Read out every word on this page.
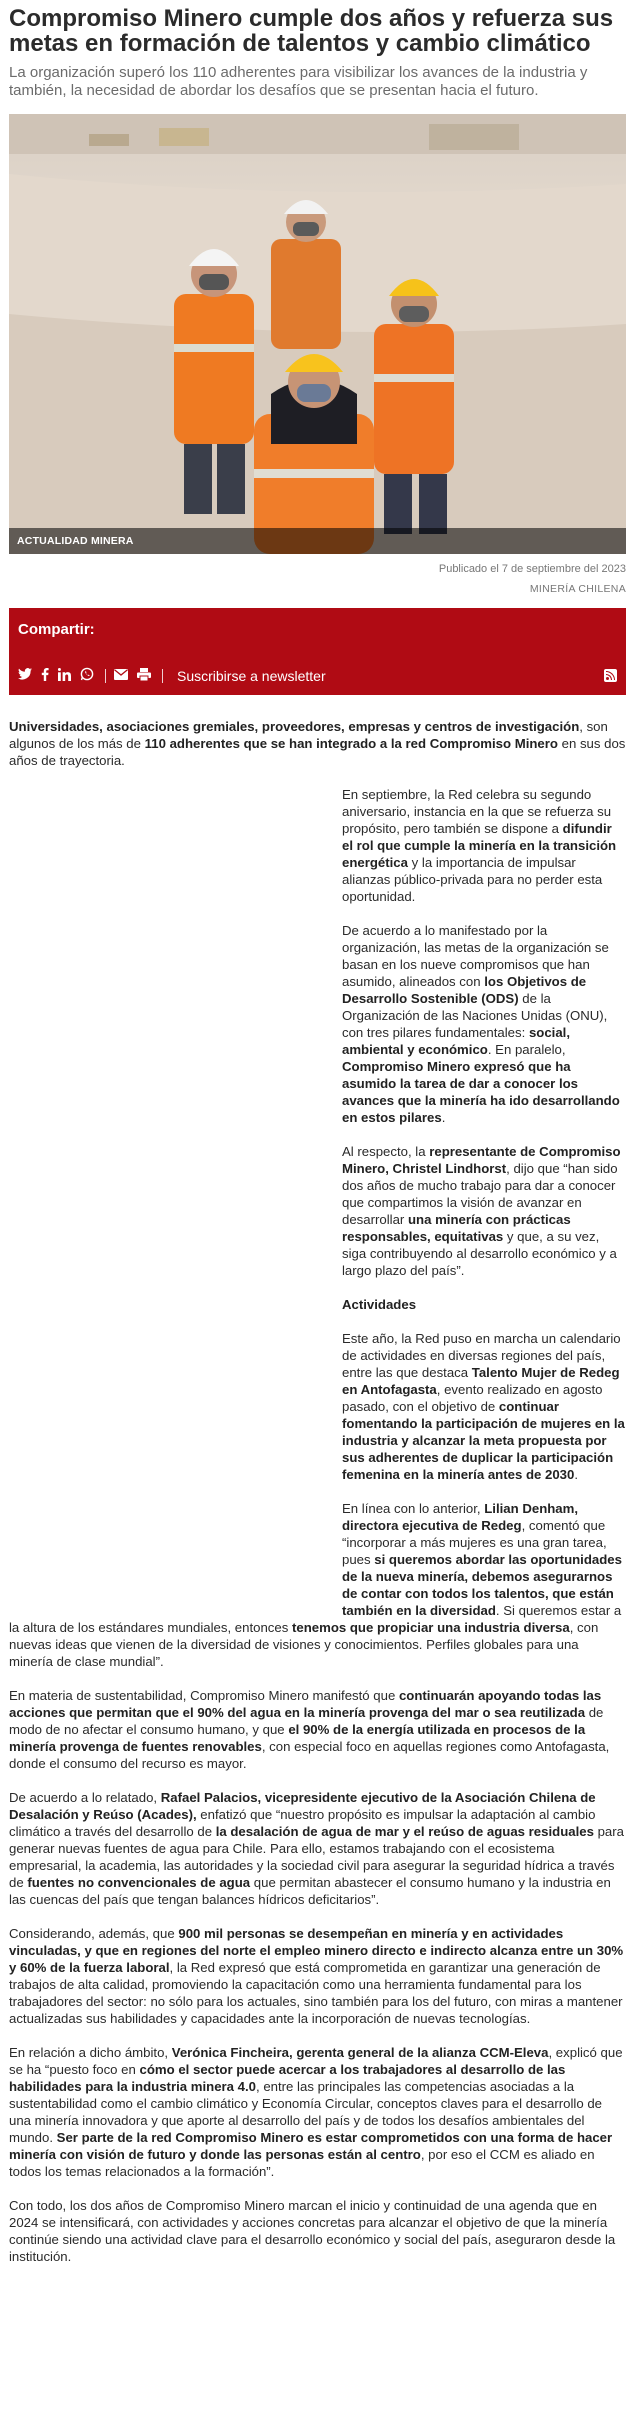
Compromiso Minero cumple dos años y refuerza sus metas en formación de talentos y cambio climático

La organización superó los 110 adherentes para visibilizar los avances de la industria y también, la necesidad de abordar los desafíos que se presentan hacia el futuro.

ACTUALIDAD MINERA
Publicado el 7 de septiembre del 2023
MINERÍA CHILENA
Compartir:
Suscribirse a newsletter

Universidades, asociaciones gremiales, proveedores, empresas y centros de investigación, son algunos de los más de 110 adherentes que se han integrado a la red Compromiso Minero en sus dos años de trayectoria.

En septiembre, la Red celebra su segundo aniversario, instancia en la que se refuerza su propósito, pero también se dispone a difundir el rol que cumple la minería en la transición energética y la importancia de impulsar alianzas público-privada para no perder esta oportunidad.

De acuerdo a lo manifestado por la organización, las metas de la organización se basan en los nueve compromisos que han asumido, alineados con los Objetivos de Desarrollo Sostenible (ODS) de la Organización de las Naciones Unidas (ONU), con tres pilares fundamentales: social, ambiental y económico. En paralelo, Compromiso Minero expresó que ha asumido la tarea de dar a conocer los avances que la minería ha ido desarrollando en estos pilares.

Al respecto, la representante de Compromiso Minero, Christel Lindhorst, dijo que “han sido dos años de mucho trabajo para dar a conocer que compartimos la visión de avanzar en desarrollar una minería con prácticas responsables, equitativas y que, a su vez, siga contribuyendo al desarrollo económico y a largo plazo del país”.

Actividades

Este año, la Red puso en marcha un calendario de actividades en diversas regiones del país, entre las que destaca Talento Mujer de Redeg en Antofagasta, evento realizado en agosto pasado, con el objetivo de continuar fomentando la participación de mujeres en la industria y alcanzar la meta propuesta por sus adherentes de duplicar la participación femenina en la minería antes de 2030.

En línea con lo anterior, Lilian Denham, directora ejecutiva de Redeg, comentó que “incorporar a más mujeres es una gran tarea, pues si queremos abordar las oportunidades de la nueva minería, debemos asegurarnos de contar con todos los talentos, que están también en la diversidad. Si queremos estar a la altura de los estándares mundiales, entonces tenemos que propiciar una industria diversa, con nuevas ideas que vienen de la diversidad de visiones y conocimientos. Perfiles globales para una minería de clase mundial”.

En materia de sustentabilidad, Compromiso Minero manifestó que continuarán apoyando todas las acciones que permitan que el 90% del agua en la minería provenga del mar o sea reutilizada de modo de no afectar el consumo humano, y que el 90% de la energía utilizada en procesos de la minería provenga de fuentes renovables, con especial foco en aquellas regiones como Antofagasta, donde el consumo del recurso es mayor.

De acuerdo a lo relatado, Rafael Palacios, vicepresidente ejecutivo de la Asociación Chilena de Desalación y Reúso (Acades), enfatizó que “nuestro propósito es impulsar la adaptación al cambio climático a través del desarrollo de la desalación de agua de mar y el reúso de aguas residuales para generar nuevas fuentes de agua para Chile. Para ello, estamos trabajando con el ecosistema empresarial, la academia, las autoridades y la sociedad civil para asegurar la seguridad hídrica a través de fuentes no convencionales de agua que permitan abastecer el consumo humano y la industria en las cuencas del país que tengan balances hídricos deficitarios”.

Considerando, además, que 900 mil personas se desempeñan en minería y en actividades vinculadas, y que en regiones del norte el empleo minero directo e indirecto alcanza entre un 30% y 60% de la fuerza laboral, la Red expresó que está comprometida en garantizar una generación de trabajos de alta calidad, promoviendo la capacitación como una herramienta fundamental para los trabajadores del sector: no sólo para los actuales, sino también para los del futuro, con miras a mantener actualizadas sus habilidades y capacidades ante la incorporación de nuevas tecnologías.

En relación a dicho ámbito, Verónica Fincheira, gerenta general de la alianza CCM-Eleva, explicó que se ha “puesto foco en cómo el sector puede acercar a los trabajadores al desarrollo de las habilidades para la industria minera 4.0, entre las principales las competencias asociadas a la sustentabilidad como el cambio climático y Economía Circular, conceptos claves para el desarrollo de una minería innovadora y que aporte al desarrollo del país y de todos los desafíos ambientales del mundo. Ser parte de la red Compromiso Minero es estar comprometidos con una forma de hacer minería con visión de futuro y donde las personas están al centro, por eso el CCM es aliado en todos los temas relacionados a la formación”.

Con todo, los dos años de Compromiso Minero marcan el inicio y continuidad de una agenda que en 2024 se intensificará, con actividades y acciones concretas para alcanzar el objetivo de que la minería continúe siendo una actividad clave para el desarrollo económico y social del país, aseguraron desde la institución.
